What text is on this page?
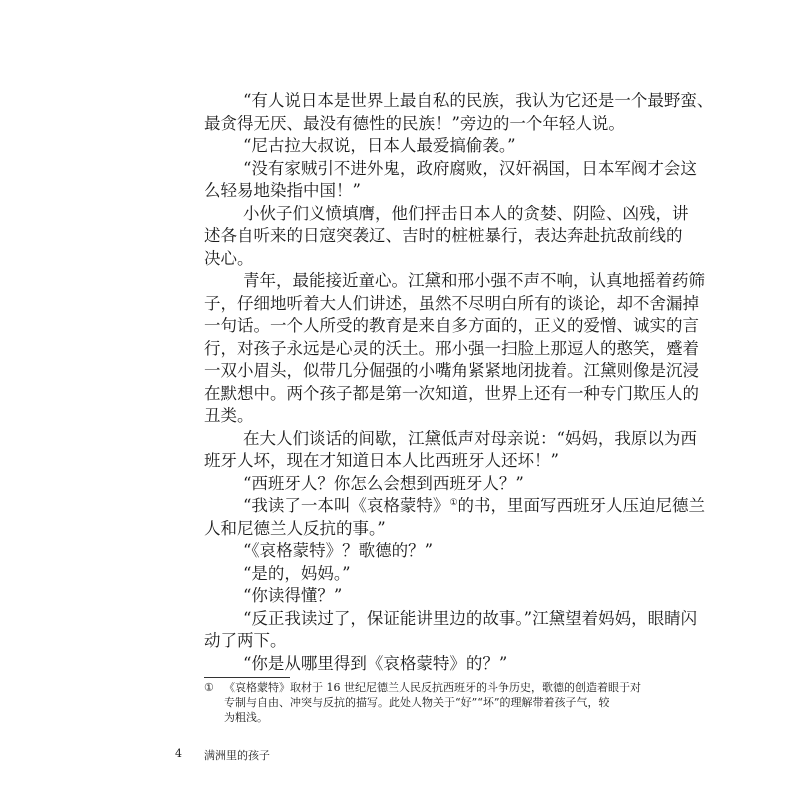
“有人说日本是世界上最自私的民族，我认为它还是一个最野蛮、
最贪得无厌、最没有德性的民族！”旁边的一个年轻人说。
“尼古拉大叔说，日本人最爱搞偷袭。”
“没有家贼引不进外鬼，政府腐败，汉奸祸国，日本军阀才会这
么轻易地染指中国！”
小伙子们义愤填膺，他们抨击日本人的贪婪、阴险、凶残，讲
述各自听来的日寇突袭辽、吉时的桩桩暴行，表达奔赴抗敌前线的
决心。
青年，最能接近童心。江黛和邢小强不声不响，认真地摇着药筛
子，仔细地听着大人们讲述，虽然不尽明白所有的谈论，却不舍漏掉
一句话。一个人所受的教育是来自多方面的，正义的爱憎、诚实的言
行，对孩子永远是心灵的沃土。邢小强一扫脸上那逗人的憨笑，蹙着
一双小眉头，似带几分倔强的小嘴角紧紧地闭拢着。江黛则像是沉浸
在默想中。两个孩子都是第一次知道，世界上还有一种专门欺压人的
丑类。
在大人们谈话的间歇，江黛低声对母亲说：“妈妈，我原以为西
班牙人坏，现在才知道日本人比西班牙人还坏！”
“西班牙人？你怎么会想到西班牙人？”
“我读了一本叫《哀格蒙特》①的书，里面写西班牙人压迫尼德兰
人和尼德兰人反抗的事。”
“《哀格蒙特》？歌德的？”
“是的，妈妈。”
“你读得懂？”
“反正我读过了，保证能讲里边的故事。”江黛望着妈妈，眼睛闪
动了两下。
“你是从哪里得到《哀格蒙特》的？”
① 《哀格蒙特》取材于 16 世纪尼德兰人民反抗西班牙的斗争历史，歌德的创造着眼于对
专制与自由、冲突与反抗的描写。此处人物关于“好”“坏”的理解带着孩子气，较
为粗浅。
4 满洲里的孩子
